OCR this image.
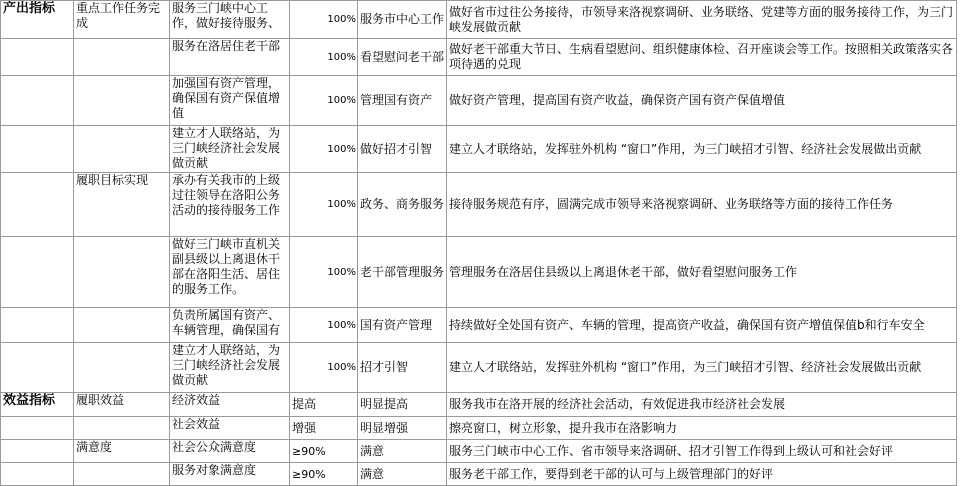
产出指标	重点工作任务完成	服务三门峡中心工作，做好接待服务、	100%	服务市中心工作	做好省市过往公务接待，市领导来洛视察调研、业务联络、党建等方面的服务接待工作，为三门峡发展做贡献
		服务在洛居住老干部	100%	看望慰问老干部	做好老干部重大节日、生病看望慰问、组织健康体检、召开座谈会等工作。按照相关政策落实各项待遇的兑现
		加强国有资产管理，确保国有资产保值增值	100%	管理国有资产	做好资产管理，提高国有资产收益，确保资产国有资产保值增值
		建立才人联络站，为三门峡经济社会发展做贡献	100%	做好招才引智	建立人才联络站，发挥驻外机构 “窗口”作用，为三门峡招才引智、经济社会发展做出贡献
	履职目标实现	承办有关我市的上级过往领导在洛阳公务活动的接待服务工作	100%	政务、商务服务	接待服务规范有序，圆满完成市领导来洛视察调研、业务联络等方面的接待工作任务
		做好三门峡市直机关副县级以上离退休干部在洛阳生活、居住的服务工作。	100%	老干部管理服务	管理服务在洛居住县级以上离退休老干部，做好看望慰问服务工作
		负责所属国有资产、车辆管理，确保国有	100%	国有资产管理	持续做好全处国有资产、车辆的管理，提高资产收益，确保国有资产增值保值b和行车安全
		建立才人联络站，为三门峡经济社会发展做贡献	100%	招才引智	建立人才联络站，发挥驻外机构 “窗口”作用，为三门峡招才引智、经济社会发展做出贡献
效益指标	履职效益	经济效益	提高	明显提高	服务我市在洛开展的经济社会活动，有效促进我市经济社会发展
		社会效益	增强	明显增强	擦亮窗口，树立形象，提升我市在洛影响力
	满意度	社会公众满意度	≥90%	满意	服务三门峡市中心工作、省市领导来洛调研、招才引智工作得到上级认可和社会好评
		服务对象满意度	≥90%	满意	服务老干部工作，要得到老干部的认可与上级管理部门的好评
